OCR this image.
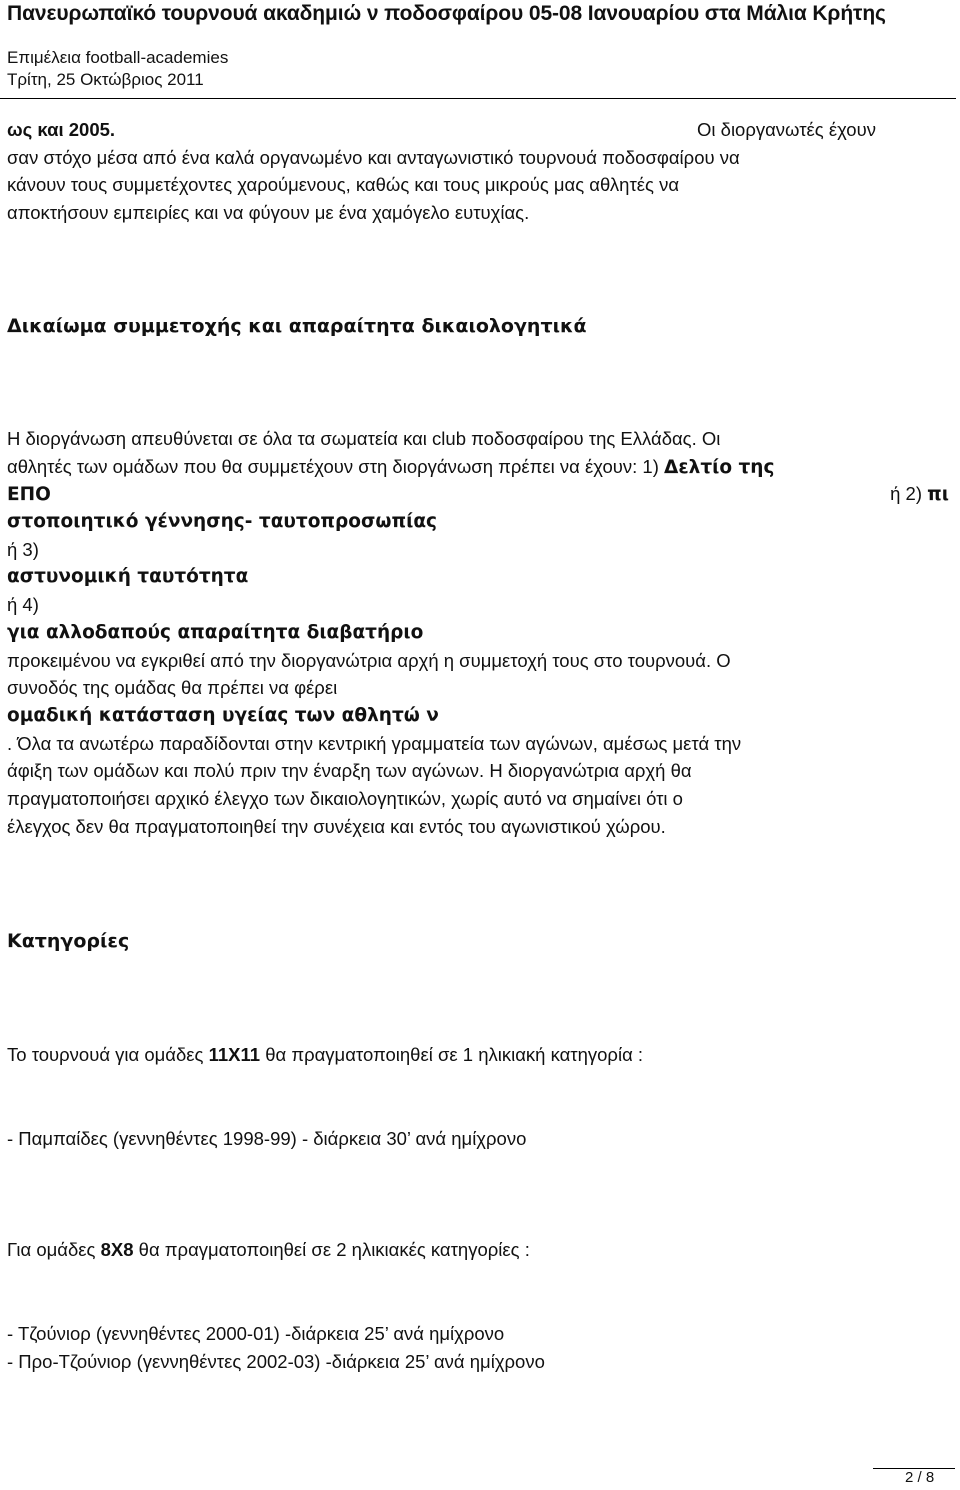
Πανευρωπαϊκό τουρνουά ακαδημιώ ν ποδοσφαίρου 05-08 Ιανουαρίου στα Μάλια Κρήτης
Επιμέλεια football-academies
Τρίτη, 25 Οκτώβριος 2011
ως και 2005.	Οι διοργανωτές έχουν
σαν στόχο μέσα από ένα καλά οργανωμένο και ανταγωνιστικό τουρνουά ποδοσφαίρου να
κάνουν τους συμμετέχοντες χαρούμενους, καθώς και τους μικρούς μας αθλητές να
αποκτήσουν εμπειρίες και να φύγουν με ένα χαμόγελο ευτυχίας.
Δικαίωμα συμμετοχής και απαραίτητα δικαιολογητικά
Η διοργάνωση απευθύνεται σε όλα τα σωματεία και club ποδοσφαίρου της Ελλάδας. Οι
αθλητές των ομάδων που θα συμμετέχουν στη διοργάνωση πρέπει να έχουν: 1) Δελτίο της
ΕΠΟ	ή 2) πι
στοποιητικό γέννησης- ταυτοπροσωπίας
ή 3)
αστυνομική ταυτότητα
ή 4)
για αλλοδαπούς απαραίτητα διαβατήριο
προκειμένου να εγκριθεί από την διοργανώτρια αρχή η συμμετοχή τους στο τουρνουά. Ο
συνοδός της ομάδας θα πρέπει να φέρει
ομαδική κατάσταση υγείας των αθλητώ ν
. Όλα τα ανωτέρω παραδίδονται στην κεντρική γραμματεία των αγώνων, αμέσως μετά την
άφιξη των ομάδων και πολύ πριν την έναρξη των αγώνων. Η διοργανώτρια αρχή θα
πραγματοποιήσει αρχικό έλεγχο των δικαιολογητικών, χωρίς αυτό να σημαίνει ότι ο
έλεγχος δεν θα πραγματοποιηθεί την συνέχεια και εντός του αγωνιστικού χώρου.
Κατηγορίες
Το τουρνουά για ομάδες 11Χ11 θα πραγματοποιηθεί σε 1 ηλικιακή κατηγορία :
- Παμπαίδες (γεννηθέντες 1998-99) - διάρκεια 30’ ανά ημίχρονο
Για ομάδες 8Χ8 θα πραγματοποιηθεί σε 2 ηλικιακές κατηγορίες :
- Τζούνιορ (γεννηθέντες 2000-01) -διάρκεια 25’ ανά ημίχρονο
- Προ-Τζούνιορ (γεννηθέντες 2002-03) -διάρκεια 25’ ανά ημίχρονο
2 / 8
